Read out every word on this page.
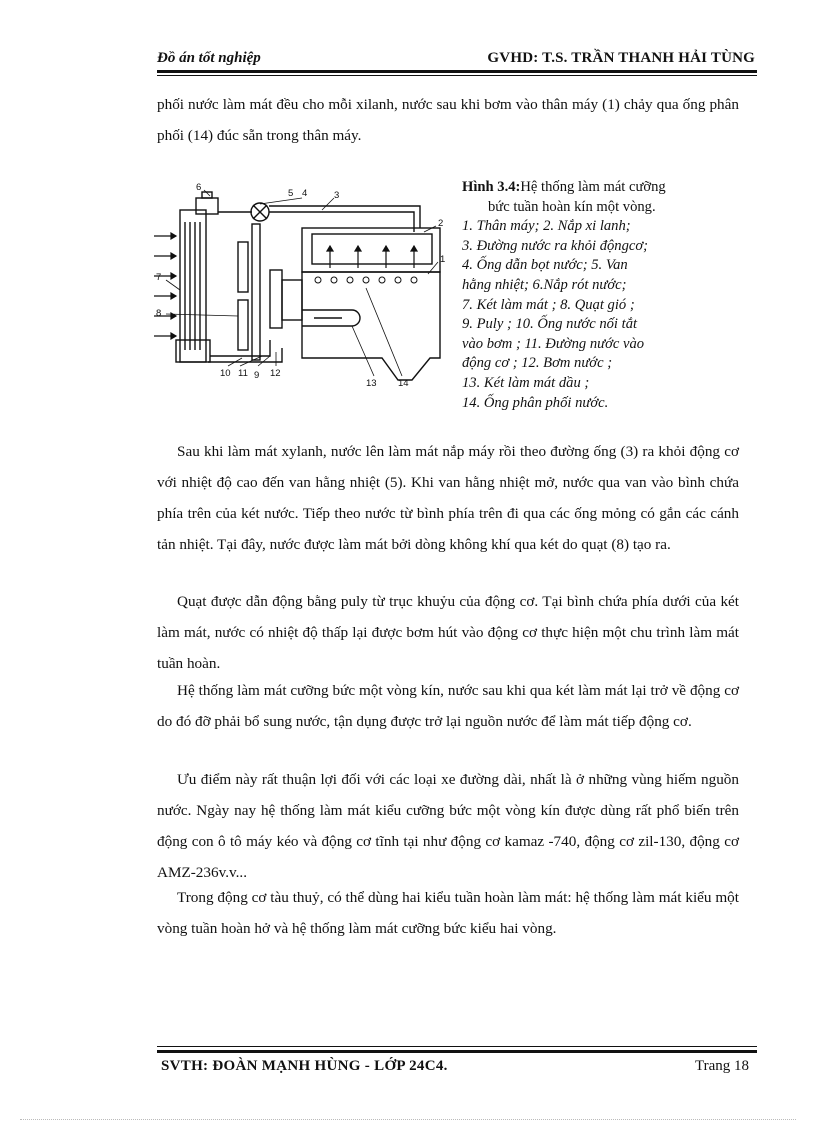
Đồ án tốt nghiệp	GVHD: T.S. TRẦN THANH HẢI TÙNG

phối nước làm mát đều cho mỗi xilanh, nước sau khi bơm vào thân máy (1) chảy qua ống phân phối (14) đúc sẵn trong thân máy.

6
5 4	3
2
1
7
8
10 11 9 12
13 14
Hình 3.4:Hệ thống làm mát cưỡng
bức tuần hoàn kín một vòng.
1. Thân máy; 2. Nắp xi lanh;
3. Đường nước ra khỏi độngcơ;
4. Ống dẫn bọt nước; 5. Van
hằng nhiệt; 6.Nắp rót nước;
7. Két làm mát ; 8. Quạt gió ;
9. Puly ; 10. Ống nước nối tắt
vào bơm ; 11. Đường nước vào
động cơ ; 12. Bơm nước ;
13. Két làm mát dầu ;
14. Ống phân phối nước.

Sau khi làm mát xylanh, nước lên làm mát nắp máy rồi theo đường ống (3) ra khỏi động cơ với nhiệt độ cao đến van hằng nhiệt (5). Khi van hằng nhiệt mở, nước qua van vào bình chứa phía trên của két nước. Tiếp theo nước từ bình phía trên đi qua các ống mỏng có gắn các cánh tản nhiệt. Tại đây, nước được làm mát bởi dòng không khí qua két do quạt (8) tạo ra.

Quạt được dẫn động bằng puly từ trục khuỷu của động cơ. Tại bình chứa phía dưới của két làm mát, nước có nhiệt độ thấp lại được bơm hút vào động cơ thực hiện một chu trình làm mát tuần hoàn.

Hệ thống làm mát cưỡng bức một vòng kín, nước sau khi qua két làm mát lại trở về động cơ do đó đỡ phải bổ sung nước, tận dụng được trở lại nguồn nước để làm mát tiếp động cơ.

Ưu điểm này rất thuận lợi đối với các loại xe đường dài, nhất là ở những vùng hiếm nguồn nước. Ngày nay hệ thống làm mát kiểu cưỡng bức một vòng kín được dùng rất phổ biến trên động con ô tô máy kéo và động cơ tĩnh tại như động cơ kamaz -740, động cơ zil-130, động cơ AMZ-236v.v...

Trong động cơ tàu thuỷ, có thể dùng hai kiểu tuần hoàn làm mát: hệ thống làm mát kiểu một vòng tuần hoàn hở và hệ thống làm mát cưỡng bức kiểu hai vòng.

SVTH: ĐOÀN MẠNH HÙNG - LỚP 24C4.	Trang 18
